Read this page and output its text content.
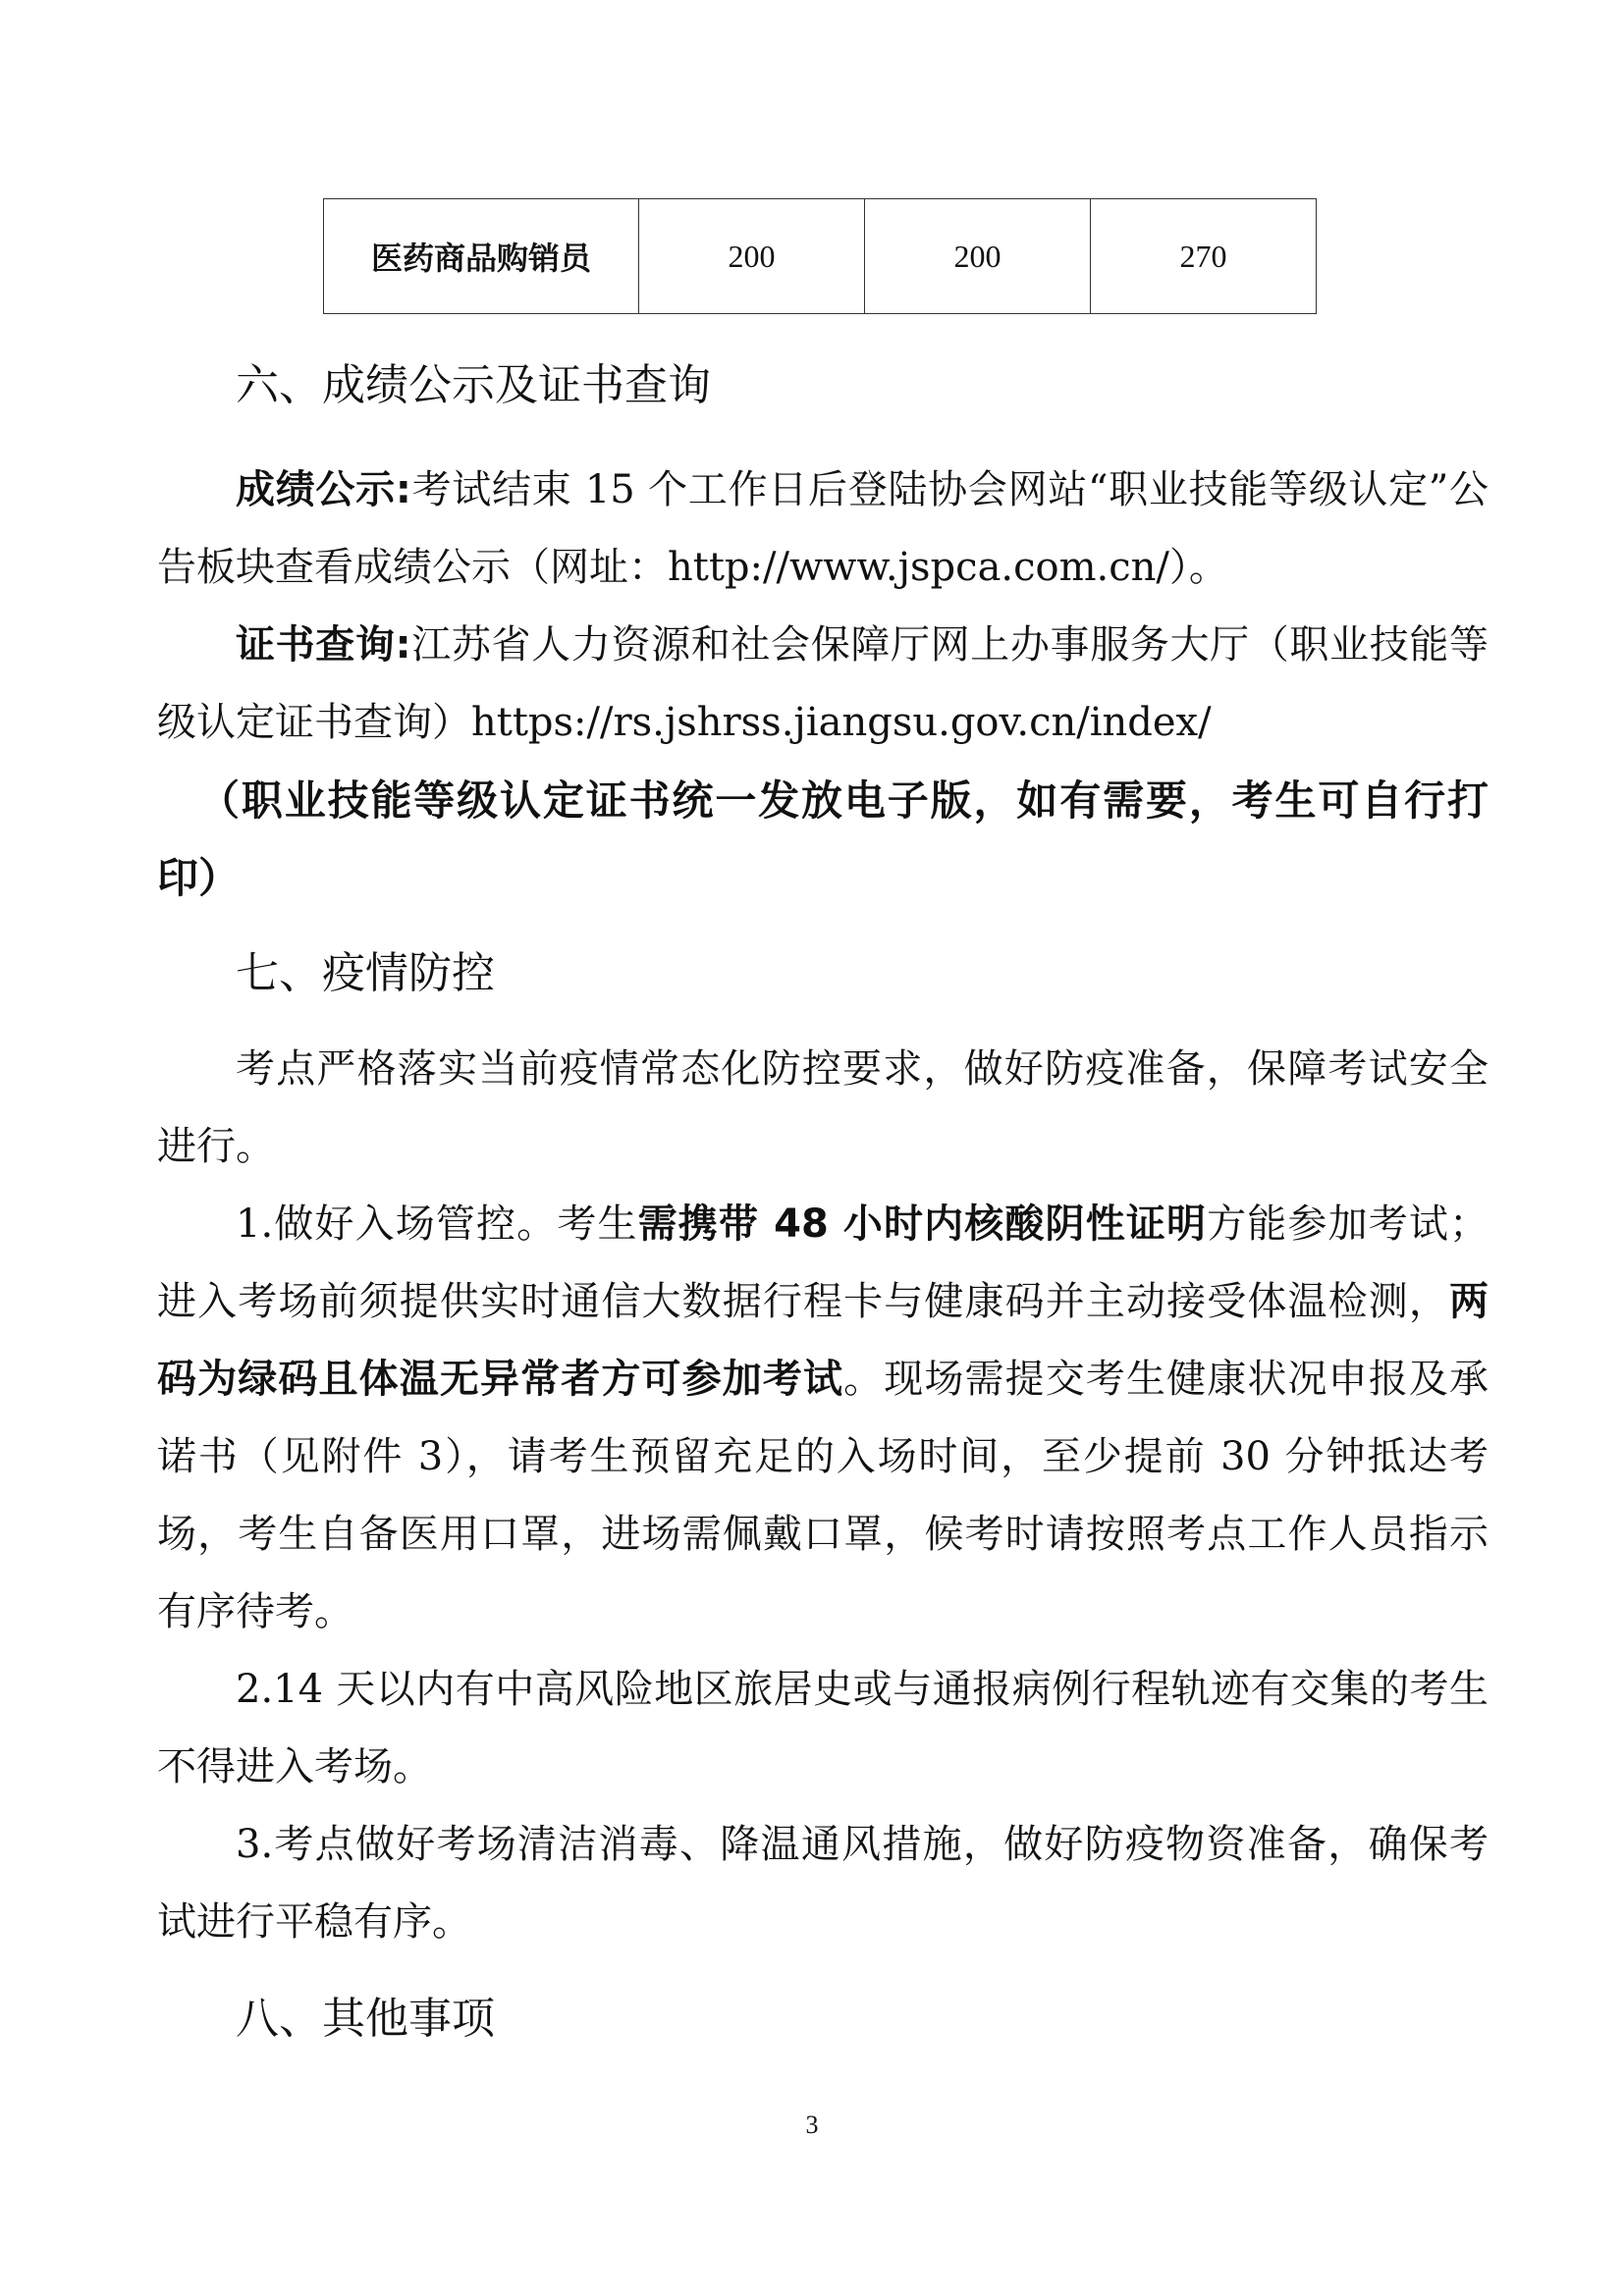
医药商品购销员	200	200	270
六、成绩公示及证书查询
成绩公示:考试结束 15 个工作日后登陆协会网站“职业技能等级认定”公告板块查看成绩公示（网址：http://www.jspca.com.cn/）。
证书查询:江苏省人力资源和社会保障厅网上办事服务大厅（职业技能等级认定证书查询）https://rs.jshrss.jiangsu.gov.cn/index/
（职业技能等级认定证书统一发放电子版，如有需要，考生可自行打印）
七、疫情防控
考点严格落实当前疫情常态化防控要求，做好防疫准备，保障考试安全进行。
1.做好入场管控。考生需携带 48 小时内核酸阴性证明方能参加考试；进入考场前须提供实时通信大数据行程卡与健康码并主动接受体温检测，两码为绿码且体温无异常者方可参加考试。现场需提交考生健康状况申报及承诺书（见附件 3），请考生预留充足的入场时间，至少提前 30 分钟抵达考场，考生自备医用口罩，进场需佩戴口罩，候考时请按照考点工作人员指示有序待考。
2.14 天以内有中高风险地区旅居史或与通报病例行程轨迹有交集的考生不得进入考场。
3.考点做好考场清洁消毒、降温通风措施，做好防疫物资准备，确保考试进行平稳有序。
八、其他事项
3
